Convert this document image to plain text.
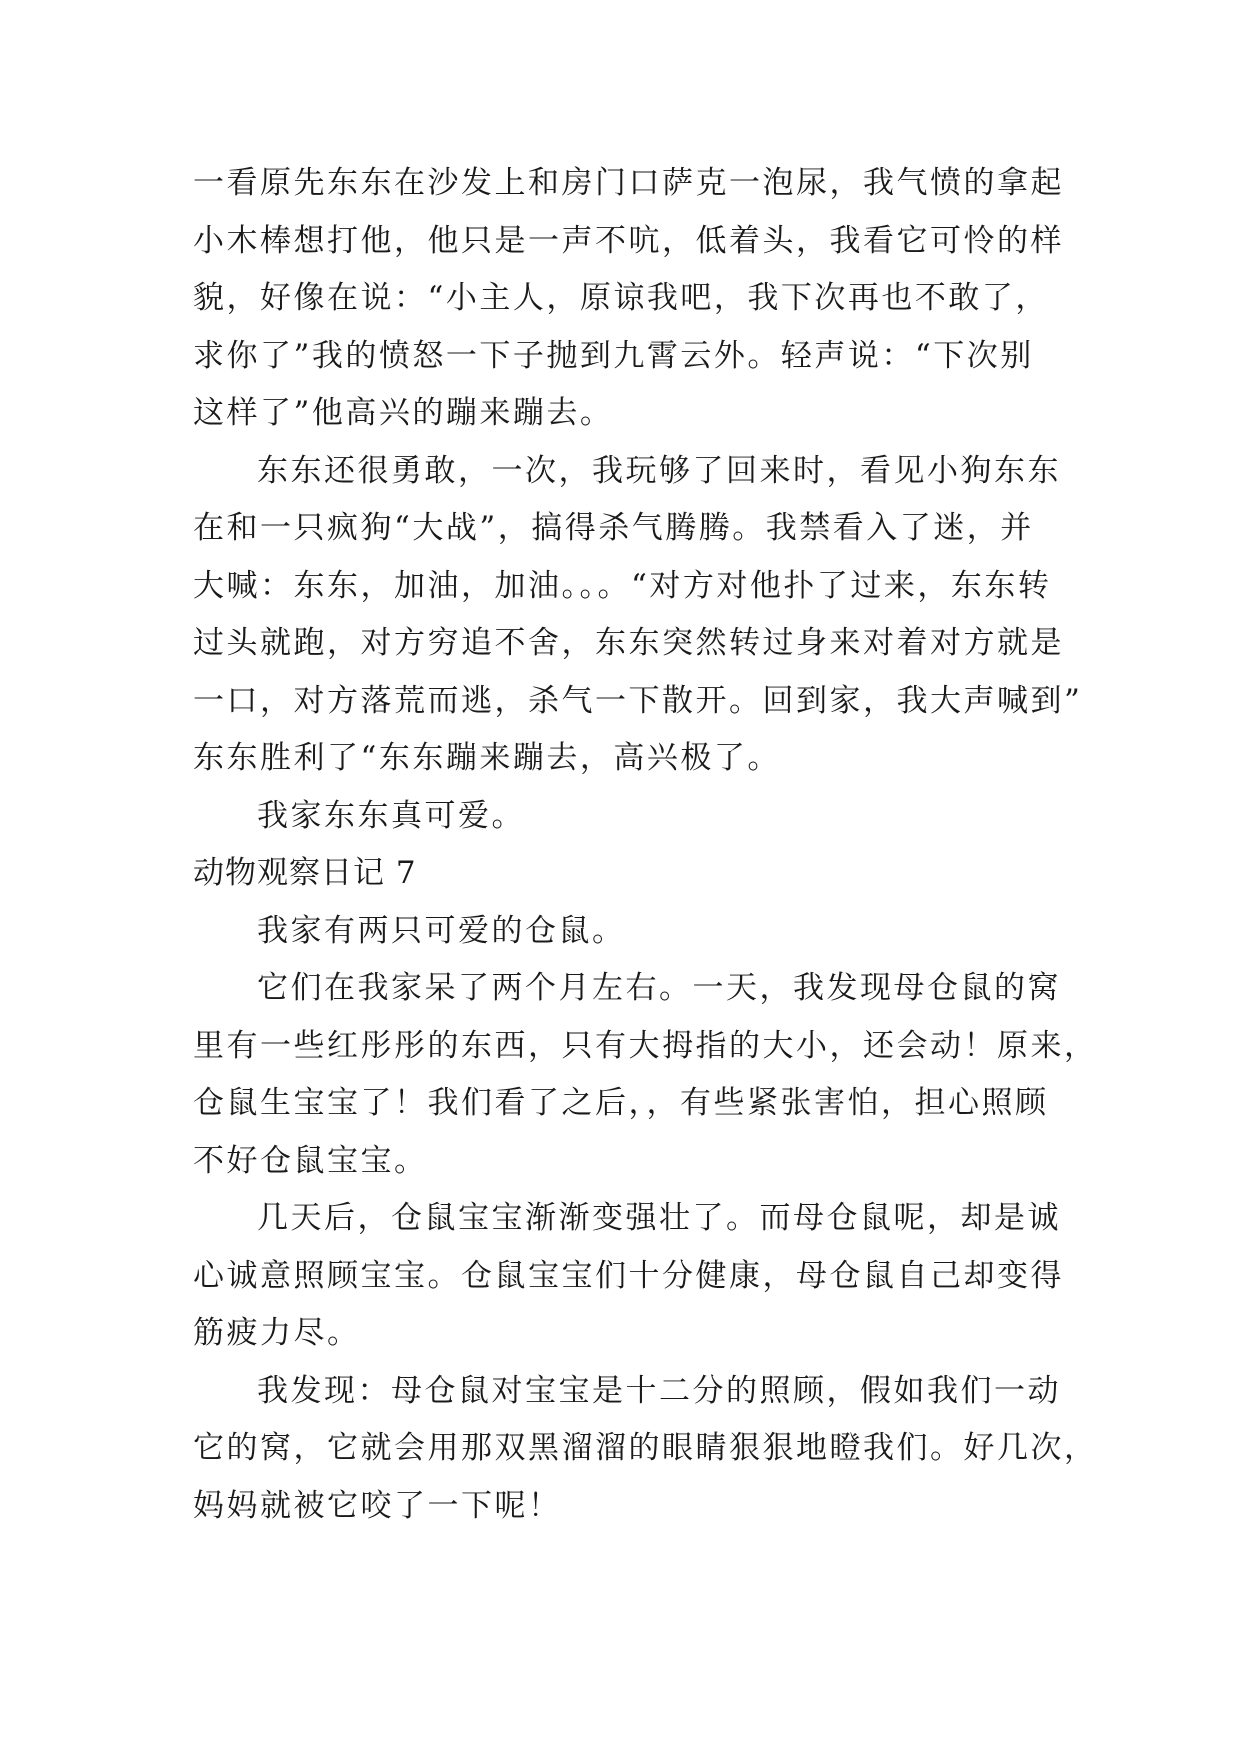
一看原先东东在沙发上和房门口萨克一泡尿，我气愤的拿起
小木棒想打他，他只是一声不吭，低着头，我看它可怜的样
貌，好像在说：“小主人，原谅我吧，我下次再也不敢了，
求你了”我的愤怒一下子抛到九霄云外。轻声说：“下次别
这样了”他高兴的蹦来蹦去。
东东还很勇敢，一次，我玩够了回来时，看见小狗东东
在和一只疯狗“大战”，搞得杀气腾腾。我禁看入了迷，并
大喊：东东，加油，加油。。。“对方对他扑了过来，东东转
过头就跑，对方穷追不舍，东东突然转过身来对着对方就是
一口，对方落荒而逃，杀气一下散开。回到家，我大声喊到”
东东胜利了“东东蹦来蹦去，高兴极了。
我家东东真可爱。
动物观察日记 7
我家有两只可爱的仓鼠。
它们在我家呆了两个月左右。一天，我发现母仓鼠的窝
里有一些红彤彤的东西，只有大拇指的大小，还会动！原来，
仓鼠生宝宝了！我们看了之后，，有些紧张害怕，担心照顾
不好仓鼠宝宝。
几天后，仓鼠宝宝渐渐变强壮了。而母仓鼠呢，却是诚
心诚意照顾宝宝。仓鼠宝宝们十分健康，母仓鼠自己却变得
筋疲力尽。
我发现：母仓鼠对宝宝是十二分的照顾，假如我们一动
它的窝，它就会用那双黑溜溜的眼睛狠狠地瞪我们。好几次，
妈妈就被它咬了一下呢！
